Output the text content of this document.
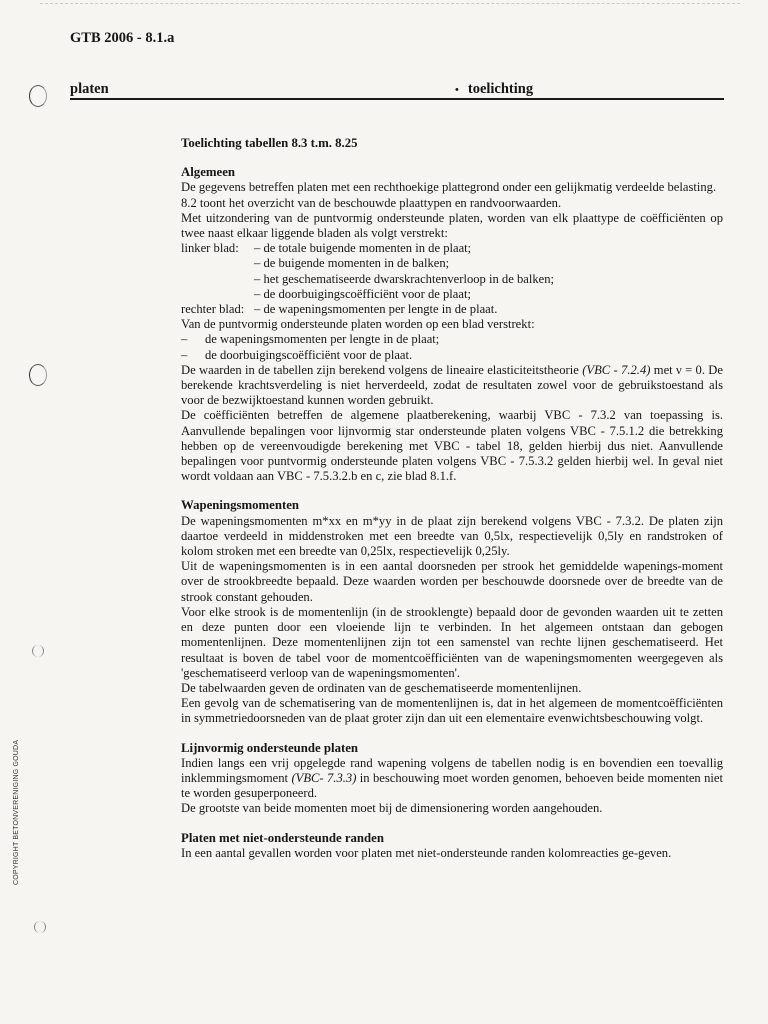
GTB 2006 - 8.1.a
platen	• toelichting
COPYRIGHT BETONVERENIGING GOUDA
Toelichting tabellen 8.3 t.m. 8.25
Algemeen

De gegevens betreffen platen met een rechthoekige plattegrond onder een gelijkmatig verdeelde belasting.

8.2 toont het overzicht van de beschouwde plaattypen en randvoorwaarden.

Met uitzondering van de puntvormig ondersteunde platen, worden van elk plaattype de coëfficiënten op twee naast elkaar liggende bladen als volgt verstrekt:

linker blad:	– de totale buigende momenten in de plaat;

– de buigende momenten in de balken;

– het geschematiseerde dwarskrachtenverloop in de balken;

– de doorbuigingscoëfficiënt voor de plaat;

rechter blad: – de wapeningsmomenten per lengte in de plaat.

Van de puntvormig ondersteunde platen worden op een blad verstrekt:

–	de wapeningsmomenten per lengte in de plaat;
–	de doorbuigingscoëfficiënt voor de plaat.

De waarden in de tabellen zijn berekend volgens de lineaire elasticiteitstheorie (VBC - 7.2.4) met ν = 0. De berekende krachtsverdeling is niet herverdeeld, zodat de resultaten zowel voor de gebruikstoestand als voor de bezwijktoestand kunnen worden gebruikt.

De coëfficiënten betreffen de algemene plaatberekening, waarbij VBC - 7.3.2 van toepassing is. Aanvullende bepalingen voor lijnvormig star ondersteunde platen volgens VBC - 7.5.1.2 die betrekking hebben op de vereenvoudigde berekening met VBC - tabel 18, gelden hierbij dus niet. Aanvullende bepalingen voor puntvormig ondersteunde platen volgens VBC - 7.5.3.2 gelden hierbij wel. In geval niet wordt voldaan aan VBC - 7.5.3.2.b en c, zie blad 8.1.f.

Wapeningsmomenten

De wapeningsmomenten m*xx en m*yy in de plaat zijn berekend volgens VBC - 7.3.2. De platen zijn daartoe verdeeld in middenstroken met een breedte van 0,5lx, respectievelijk 0,5ly en randstroken of kolom stroken met een breedte van 0,25lx, respectievelijk 0,25ly.

Uit de wapeningsmomenten is in een aantal doorsneden per strook het gemiddelde wapenings-moment over de strookbreedte bepaald. Deze waarden worden per beschouwde doorsnede over de breedte van de strook constant gehouden.

Voor elke strook is de momentenlijn (in de strooklengte) bepaald door de gevonden waarden uit te zetten en deze punten door een vloeiende lijn te verbinden. In het algemeen ontstaan dan gebogen momentenlijnen. Deze momentenlijnen zijn tot een samenstel van rechte lijnen geschematiseerd. Het resultaat is boven de tabel voor de momentcoëfficiënten van de wapeningsmomenten weergegeven als 'geschematiseerd verloop van de wapeningsmomenten'.

De tabelwaarden geven de ordinaten van de geschematiseerde momentenlijnen.

Een gevolg van de schematisering van de momentenlijnen is, dat in het algemeen de momentcoëfficiënten in symmetriedoorsneden van de plaat groter zijn dan uit een elementaire evenwichtsbeschouwing volgt.

Lijnvormig ondersteunde platen

Indien langs een vrij opgelegde rand wapening volgens de tabellen nodig is en bovendien een toevallig inklemmingsmoment (VBC- 7.3.3) in beschouwing moet worden genomen, behoeven beide momenten niet te worden gesuperponeerd.

De grootste van beide momenten moet bij de dimensionering worden aangehouden.

Platen met niet-ondersteunde randen

In een aantal gevallen worden voor platen met niet-ondersteunde randen kolomreacties ge-geven.
